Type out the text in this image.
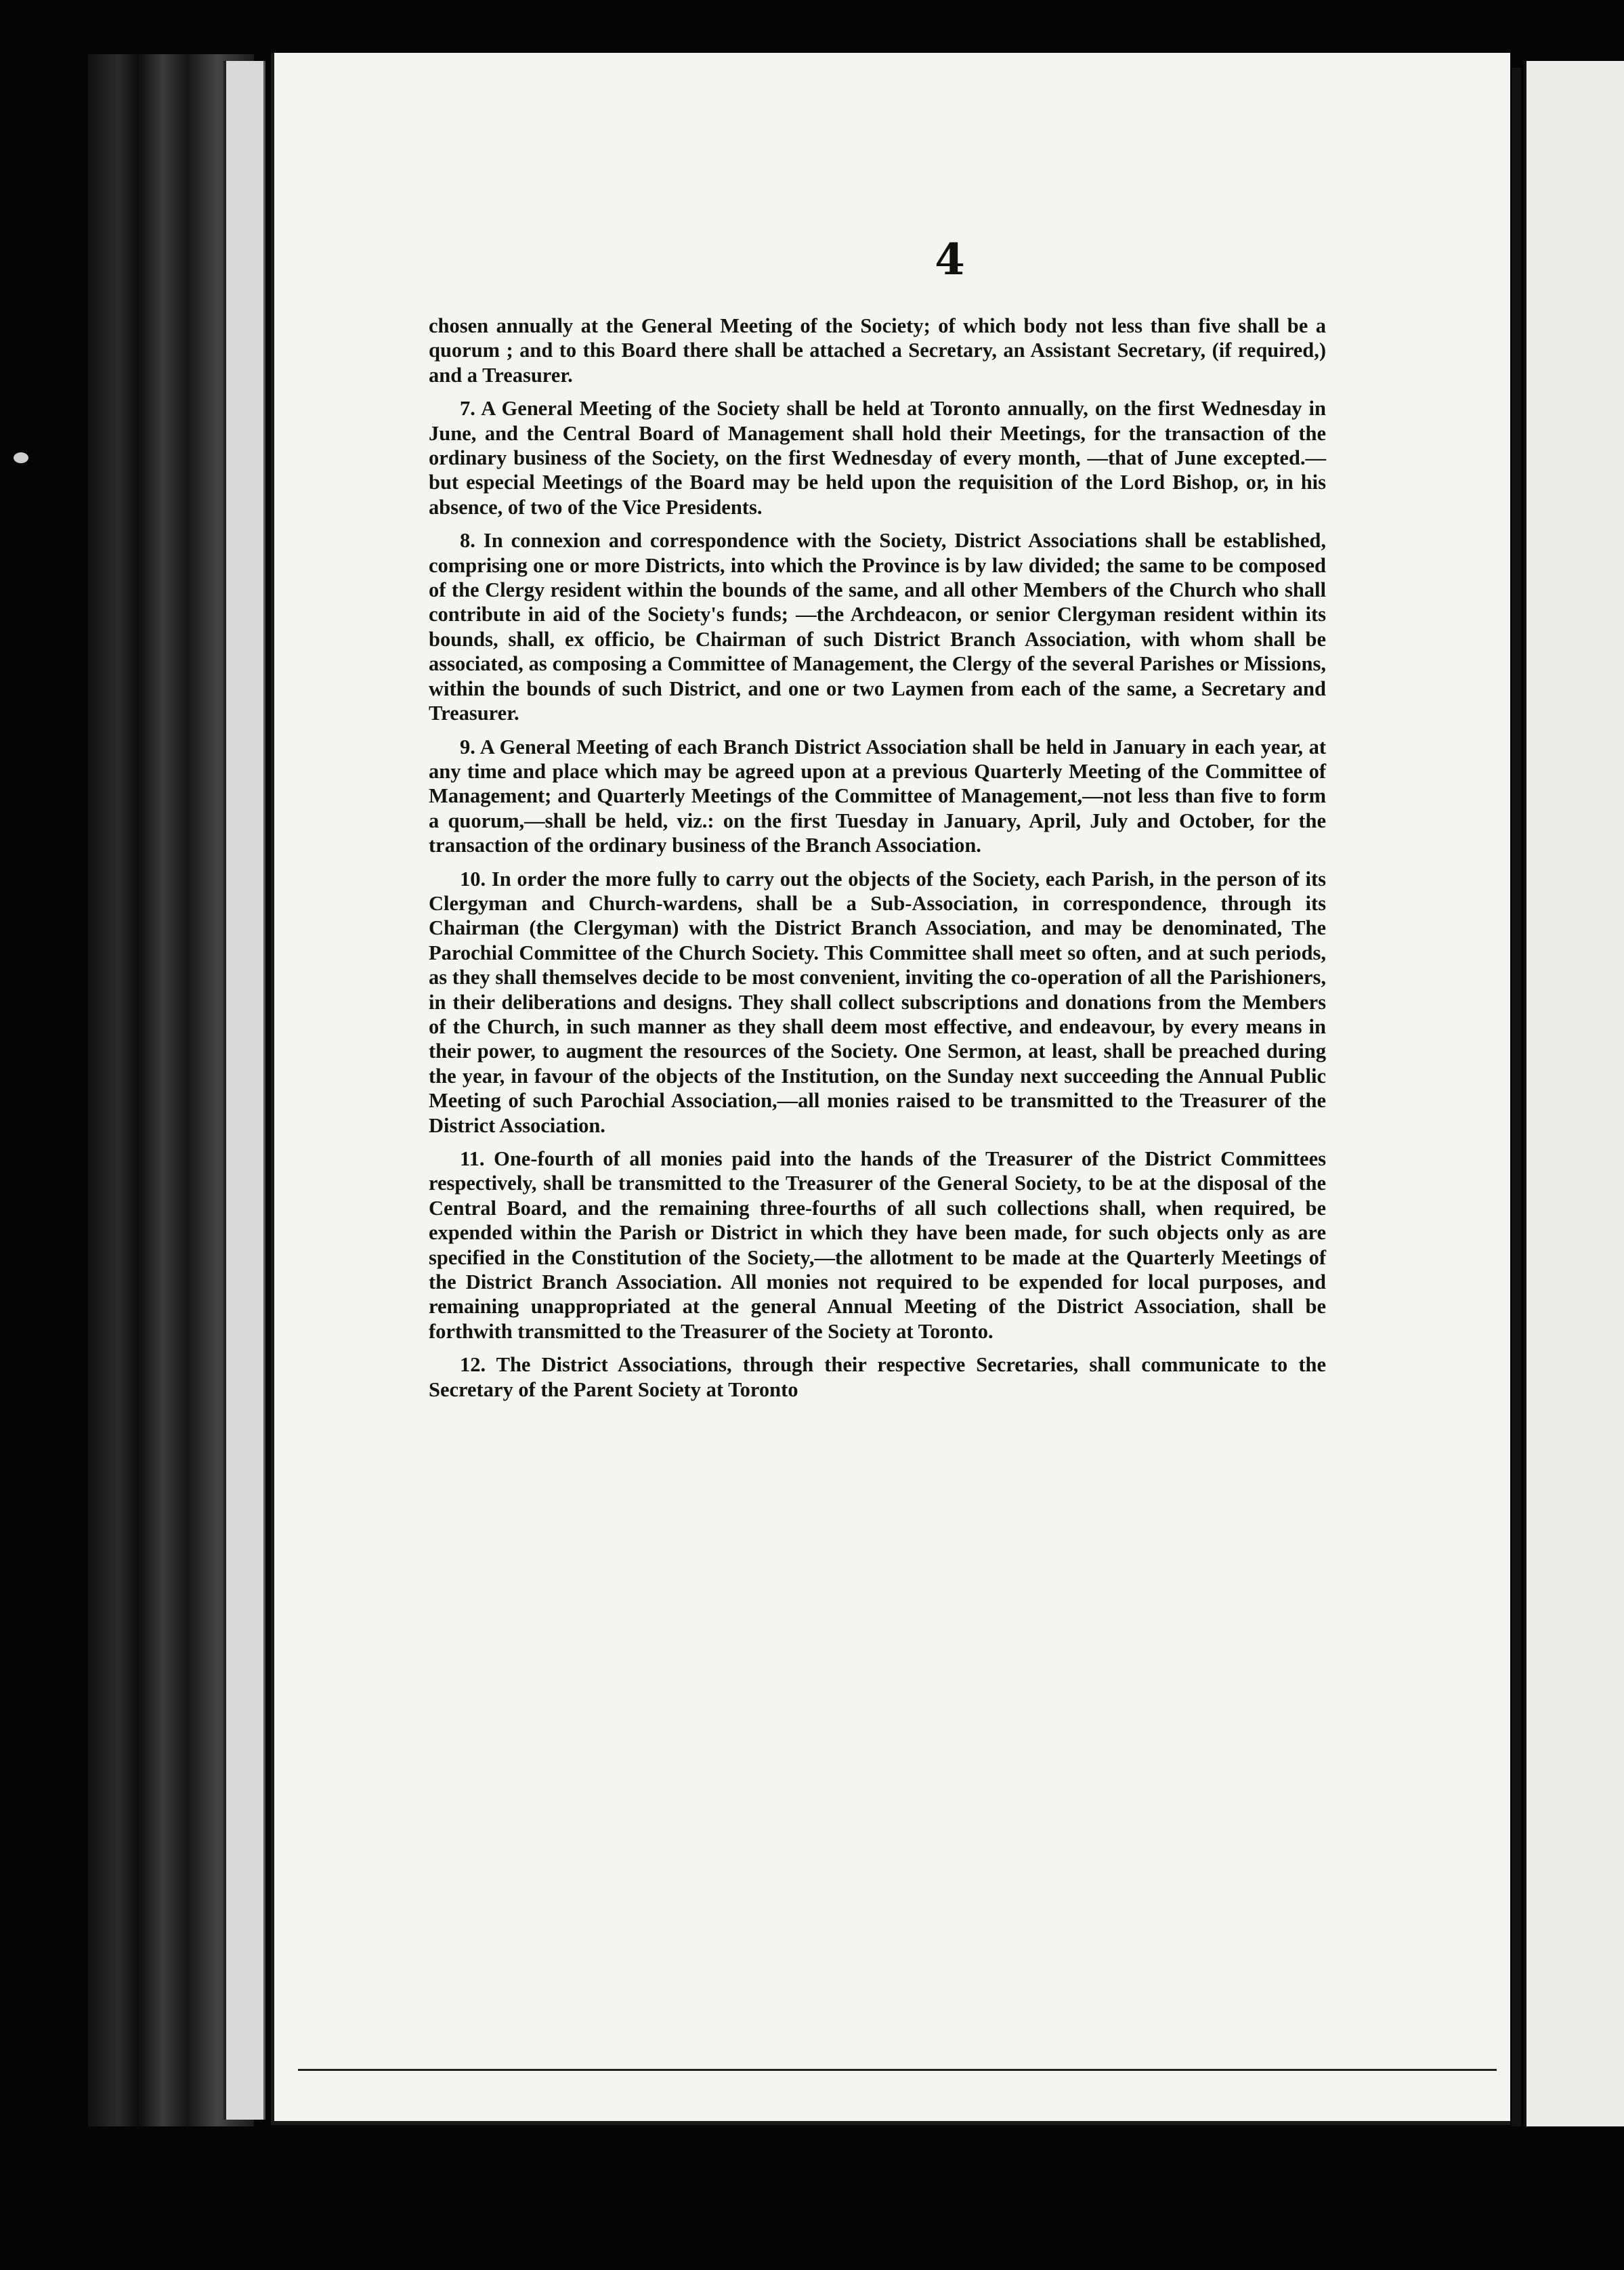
4

chosen annually at the General Meeting of the Society; of which body not less than five shall be a quorum ; and to this Board there shall be attached a Secretary, an Assistant Secretary, (if required,) and a Treasurer.

7. A General Meeting of the Society shall be held at Toronto annually, on the first Wednesday in June, and the Central Board of Management shall hold their Meetings, for the transaction of the ordinary business of the Society, on the first Wednesday of every month, —that of June excepted.—but especial Meetings of the Board may be held upon the requisition of the Lord Bishop, or, in his absence, of two of the Vice Presidents.

8. In connexion and correspondence with the Society, District Associations shall be established, comprising one or more Districts, into which the Province is by law divided; the same to be composed of the Clergy resident within the bounds of the same, and all other Members of the Church who shall contribute in aid of the Society's funds; —the Archdeacon, or senior Clergyman resident within its bounds, shall, ex officio, be Chairman of such District Branch Association, with whom shall be associated, as composing a Committee of Management, the Clergy of the several Parishes or Missions, within the bounds of such District, and one or two Laymen from each of the same, a Secretary and Treasurer.

9. A General Meeting of each Branch District Association shall be held in January in each year, at any time and place which may be agreed upon at a previous Quarterly Meeting of the Committee of Management; and Quarterly Meetings of the Committee of Management,—not less than five to form a quorum,—shall be held, viz.: on the first Tuesday in January, April, July and October, for the transaction of the ordinary business of the Branch Association.

10. In order the more fully to carry out the objects of the Society, each Parish, in the person of its Clergyman and Church-wardens, shall be a Sub-Association, in correspondence, through its Chairman (the Clergyman) with the District Branch Association, and may be denominated, The Parochial Committee of the Church Society. This Committee shall meet so often, and at such periods, as they shall themselves decide to be most convenient, inviting the co-operation of all the Parishioners, in their deliberations and designs. They shall collect subscriptions and donations from the Members of the Church, in such manner as they shall deem most effective, and endeavour, by every means in their power, to augment the resources of the Society. One Sermon, at least, shall be preached during the year, in favour of the objects of the Institution, on the Sunday next succeeding the Annual Public Meeting of such Parochial Association,—all monies raised to be transmitted to the Treasurer of the District Association.

11. One-fourth of all monies paid into the hands of the Treasurer of the District Committees respectively, shall be transmitted to the Treasurer of the General Society, to be at the disposal of the Central Board, and the remaining three-fourths of all such collections shall, when required, be expended within the Parish or District in which they have been made, for such objects only as are specified in the Constitution of the Society,—the allotment to be made at the Quarterly Meetings of the District Branch Association. All monies not required to be expended for local purposes, and remaining unappropriated at the general Annual Meeting of the District Association, shall be forthwith transmitted to the Treasurer of the Society at Toronto.

12. The District Associations, through their respective Secretaries, shall communicate to the Secretary of the Parent Society at Toronto
